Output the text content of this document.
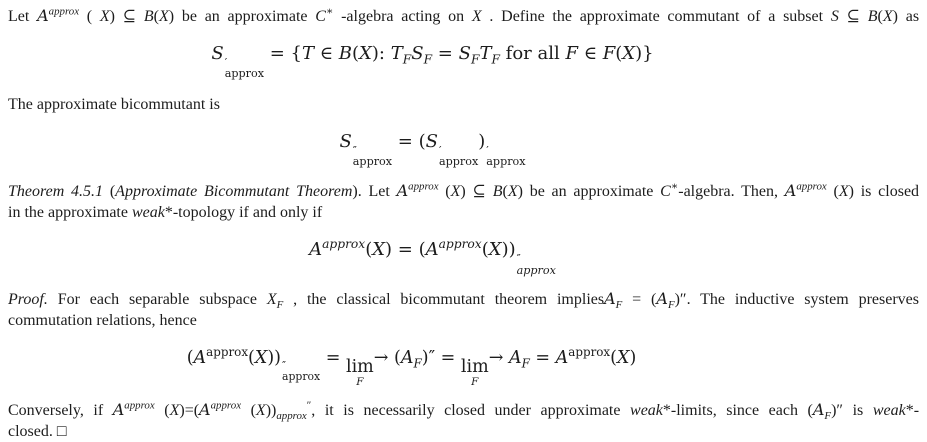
Let $A^{approx}$ ( X) ⊆ B(X) be an approximate C∗ -algebra acting on X . Define the approximate commutant of a subset S ⊆ B(X) as
S ′
approx
= {T ∈ B(X): $T_FS_F = S_FT_F$ for all F ∈ F(X)}
The approximate bicommutant is
S ″
approx
= (S ′
approx
) ′
approx
Theorem 4.5.1 (Approximate Bicommutant Theorem). Let $A^{approx}$ (X) ⊆ B(X) be an approximate C∗-algebra. Then, $A^{approx}$ (X) is closed
in the approximate weak*-topology if and only if
$A^{approx}(X) = (A^{approx}(X))$ ″
approx
Proof. For each separable subspace $X_F$ , the classical bicommutant theorem impliesA$_F$ = $(A_F)''$. The inductive system preserves
commutation relations, hence
$(A^{approx}(X))$ ″
approx
= lim
F
→ $(A_F)'' = \lim$
F
→ $A_F = A^{approx}(X)$
Conversely, if $A^{approx}$ $(X)=(A^{approx}$ $(X))_{approx}''$, it is necessarily closed under approximate weak*-limits, since each $(A_F)''$ is weak*-
closed. □
